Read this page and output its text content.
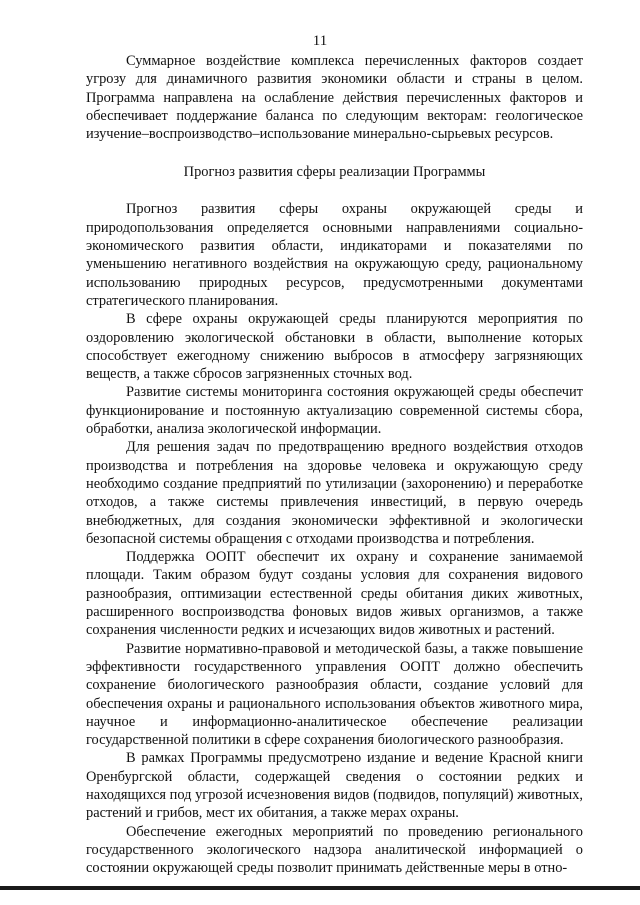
11

Суммарное воздействие комплекса перечисленных факторов создает угрозу для динамичного развития экономики области и страны в целом. Программа направлена на ослабление действия перечисленных факторов и обеспечивает поддержание баланса по следующим векторам: геологическое изучение–воспроизводство–использование минерально-сырьевых ресурсов.

Прогноз развития сферы реализации Программы

Прогноз развития сферы охраны окружающей среды и природопользования определяется основными направлениями социально-экономического развития области, индикаторами и показателями по уменьшению негативного воздействия на окружающую среду, рациональному использованию природных ресурсов, предусмотренными документами стратегического планирования.

В сфере охраны окружающей среды планируются мероприятия по оздоровлению экологической обстановки в области, выполнение которых способствует ежегодному снижению выбросов в атмосферу загрязняющих веществ, а также сбросов загрязненных сточных вод.

Развитие системы мониторинга состояния окружающей среды обеспечит функционирование и постоянную актуализацию современной системы сбора, обработки, анализа экологической информации.

Для решения задач по предотвращению вредного воздействия отходов производства и потребления на здоровье человека и окружающую среду необходимо создание предприятий по утилизации (захоронению) и переработке отходов, а также системы привлечения инвестиций, в первую очередь внебюджетных, для создания экономически эффективной и экологически безопасной системы обращения с отходами производства и потребления.

Поддержка ООПТ обеспечит их охрану и сохранение занимаемой площади. Таким образом будут созданы условия для сохранения видового разнообразия, оптимизации естественной среды обитания диких животных, расширенного воспроизводства фоновых видов живых организмов, а также сохранения численности редких и исчезающих видов животных и растений.

Развитие нормативно-правовой и методической базы, а также повышение эффективности государственного управления ООПТ должно обеспечить сохранение биологического разнообразия области, создание условий для обеспечения охраны и рационального использования объектов животного мира, научное и информационно-аналитическое обеспечение реализации государственной политики в сфере сохранения биологического разнообразия.

В рамках Программы предусмотрено издание и ведение Красной книги Оренбургской области, содержащей сведения о состоянии редких и находящихся под угрозой исчезновения видов (подвидов, популяций) животных, растений и грибов, мест их обитания, а также мерах охраны.

Обеспечение ежегодных мероприятий по проведению регионального государственного экологического надзора аналитической информацией о состоянии окружающей среды позволит принимать действенные меры в отно-
